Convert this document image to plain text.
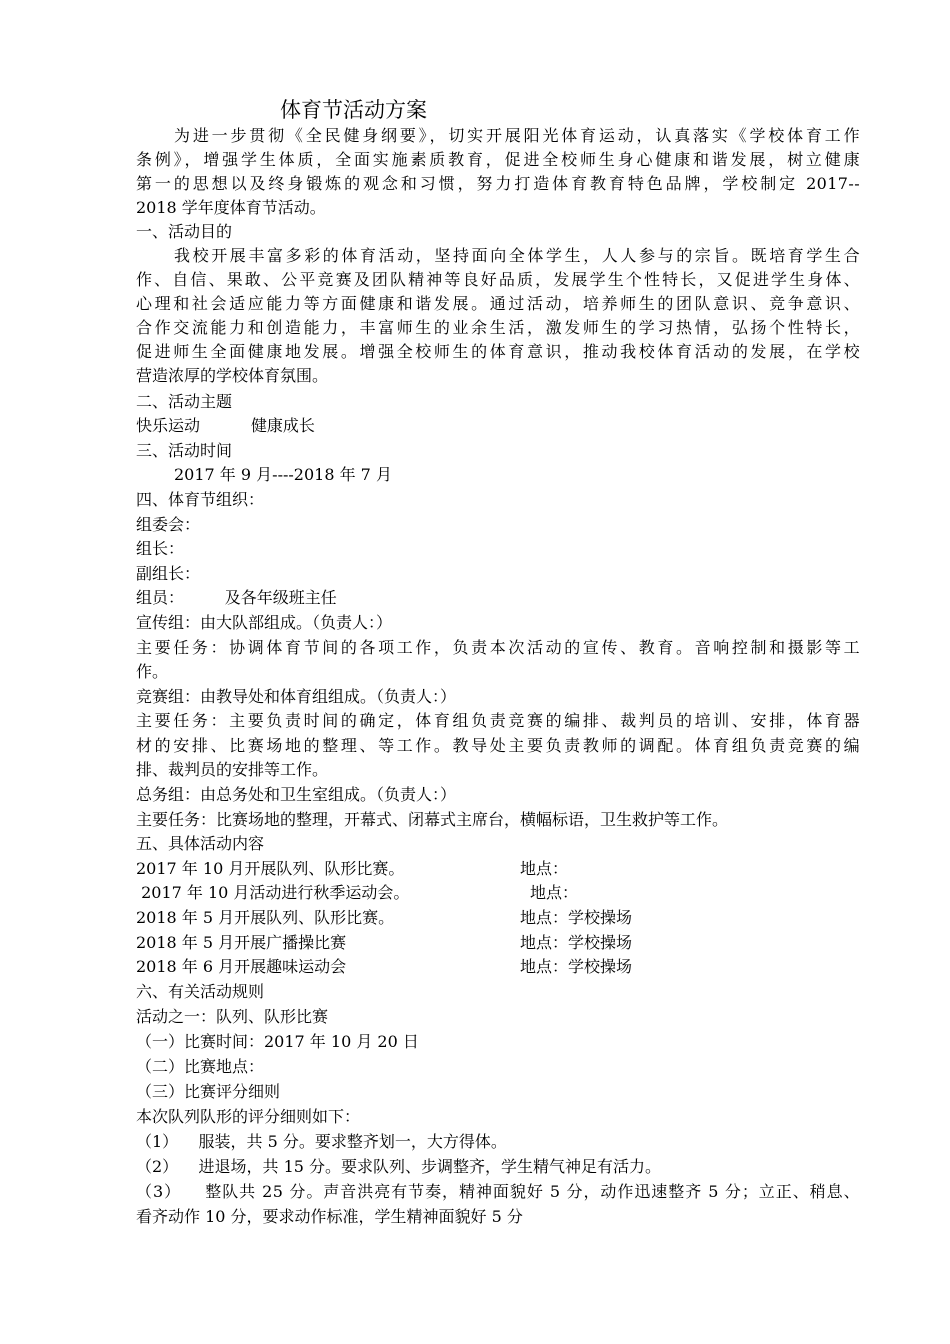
体育节活动方案
为进一步贯彻《全民健身纲要》，切实开展阳光体育运动，认真落实《学校体育工作
条例》，增强学生体质，全面实施素质教育，促进全校师生身心健康和谐发展，树立健康
第一的思想以及终身锻炼的观念和习惯，努力打造体育教育特色品牌，学校制定 2017--
2018 学年度体育节活动。
一、活动目的
我校开展丰富多彩的体育活动，坚持面向全体学生，人人参与的宗旨。既培育学生合
作、自信、果敢、公平竞赛及团队精神等良好品质，发展学生个性特长，又促进学生身体、
心理和社会适应能力等方面健康和谐发展。通过活动，培养师生的团队意识、竞争意识、
合作交流能力和创造能力，丰富师生的业余生活，激发师生的学习热情，弘扬个性特长，
促进师生全面健康地发展。增强全校师生的体育意识，推动我校体育活动的发展，在学校
营造浓厚的学校体育氛围。
二、活动主题
快乐运动          健康成长
三、活动时间
2017 年 9 月----2018 年 7 月
四、体育节组织：
组委会：
组长：
副组长：
组员：        及各年级班主任
宣传组：由大队部组成。（负责人：）
主要任务：协调体育节间的各项工作，负责本次活动的宣传、教育。音响控制和摄影等工
作。
竞赛组：由教导处和体育组组成。（负责人：）
主要任务：主要负责时间的确定，体育组负责竞赛的编排、裁判员的培训、安排，体育器
材的安排、比赛场地的整理、等工作。教导处主要负责教师的调配。体育组负责竞赛的编
排、裁判员的安排等工作。
总务组：由总务处和卫生室组成。（负责人：）
主要任务：比赛场地的整理，开幕式、闭幕式主席台，横幅标语，卫生救护等工作。
五、具体活动内容
2017 年 10 月开展队列、队形比赛。	地点：
2017 年 10 月活动进行秋季运动会。	地点：
2018 年 5 月开展队列、队形比赛。	地点：学校操场
2018 年 5 月开展广播操比赛	地点：学校操场
2018 年 6 月开展趣味运动会	地点：学校操场
六、有关活动规则
活动之一：队列、队形比赛
（一）比赛时间：2017 年 10 月 20 日
（二）比赛地点：
（三）比赛评分细则
本次队列队形的评分细则如下：
（1）    服装，共 5 分。要求整齐划一，大方得体。
（2）    进退场，共 15 分。要求队列、步调整齐，学生精气神足有活力。
（3）    整队共 25 分。声音洪亮有节奏，精神面貌好 5 分，动作迅速整齐 5 分；立正、稍息、
看齐动作 10 分，要求动作标准，学生精神面貌好 5 分
